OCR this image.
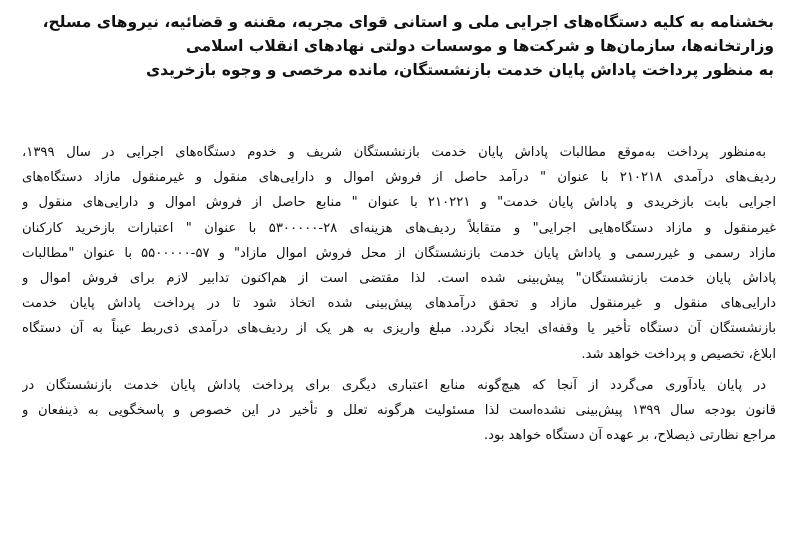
بخشنامه به کلیه دستگاه‌های اجرایی ملی و استانی قوای مجریه، مقننه و قضائیه، نیروهای مسلح،
وزارتخانه‌ها، سازمان‌ها و شرکت‌ها و موسسات دولتی نهادهای انقلاب اسلامی
به منظور پرداخت پاداش پایان خدمت بازنشستگان، مانده مرخصی و وجوه بازخریدی
به‌منظور پرداخت به‌موقع مطالبات پاداش پایان خدمت بازنشستگان شریف و خدوم دستگاه‌های اجرایی در سال ۱۳۹۹،
ردیف‌های درآمدی ۲۱۰۲۱۸ با عنوان " درآمد حاصل از فروش اموال و دارایی‌های منقول و غیرمنقول مازاد دستگاه‌های
اجرایی بابت بازخریدی و پاداش پایان خدمت" و ۲۱۰۲۲۱ با عنوان " منابع حاصل از فروش اموال و دارایی‌های منقول و
غیرمنقول و مازاد دستگاه‌هایی اجرایی" و متقابلاً ردیف‌های هزینه‌ای ۲۸-۵۳۰۰۰۰۰ با عنوان " اعتبارات بازخرید کارکنان
مازاد رسمی و غیررسمی و پاداش پایان خدمت بازنشستگان از محل فروش اموال مازاد" و ۵۷-۵۵۰۰۰۰۰ با عنوان "مطالبات
پاداش پایان خدمت بازنشستگان" پیش‌بینی شده است. لذا مقتضی است از هم‌اکنون تدابیر لازم برای فروش اموال و
دارایی‌های منقول و غیرمنقول مازاد و تحقق درآمدهای پیش‌بینی شده اتخاذ شود تا در پرداخت پاداش پایان خدمت
بازنشستگان آن دستگاه تأخیر یا وقفه‌ای ایجاد نگردد. مبلغ واریزی به هر یک از ردیف‌های درآمدی ذی‌ربط عیناً به آن دستگاه
ابلاغ، تخصیص و پرداخت خواهد شد.
در پایان یادآوری می‌گردد از آنجا که هیچ‌گونه منابع اعتباری دیگری برای پرداخت پاداش پایان خدمت بازنشستگان در
قانون بودجه سال ۱۳۹۹ پیش‌بینی نشده‌است لذا مسئولیت هرگونه تعلل و تأخیر در این خصوص و پاسخگویی به ذینفعان و
مراجع نظارتی ذیصلاح، بر عهده آن دستگاه خواهد بود.
